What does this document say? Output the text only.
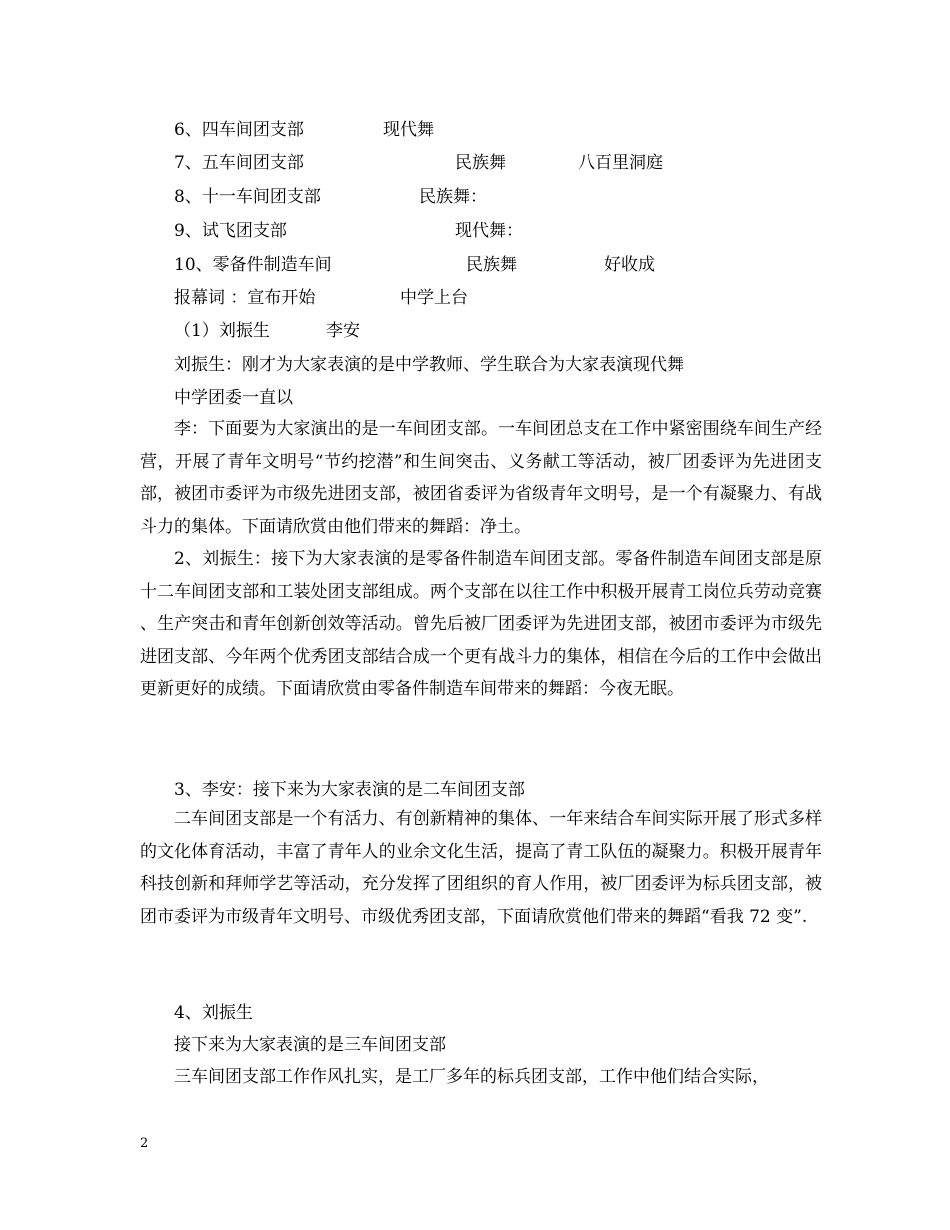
6、四车间团支部	现代舞
7、五车间团支部	民族舞	八百里洞庭
8、十一车间团支部	民族舞：
9、试飞团支部	现代舞：
10、零备件制造车间	民族舞	好收成
报幕词 ：宣布开始	中学上台
（1）刘振生	李安
刘振生：刚才为大家表演的是中学教师、学生联合为大家表演现代舞
中学团委一直以
李：下面要为大家演出的是一车间团支部。一车间团总支在工作中紧密围绕车间生产经营，开展了青年文明号“节约挖潜”和生间突击、义务献工等活动，被厂团委评为先进团支部，被团市委评为市级先进团支部，被团省委评为省级青年文明号，是一个有凝聚力、有战斗力的集体。下面请欣赏由他们带来的舞蹈：净土。
2、刘振生：接下为大家表演的是零备件制造车间团支部。零备件制造车间团支部是原十二车间团支部和工装处团支部组成。两个支部在以往工作中积极开展青工岗位兵劳动竞赛 、生产突击和青年创新创效等活动。曾先后被厂团委评为先进团支部，被团市委评为市级先进团支部、今年两个优秀团支部结合成一个更有战斗力的集体，相信在今后的工作中会做出更新更好的成绩。下面请欣赏由零备件制造车间带来的舞蹈：今夜无眠。
3、李安：接下来为大家表演的是二车间团支部
二车间团支部是一个有活力、有创新精神的集体、一年来结合车间实际开展了形式多样的文化体育活动，丰富了青年人的业余文化生活，提高了青工队伍的凝聚力。积极开展青年科技创新和拜师学艺等活动，充分发挥了团组织的育人作用，被厂团委评为标兵团支部，被团市委评为市级青年文明号、市级优秀团支部，下面请欣赏他们带来的舞蹈“看我 72 变”.
4、刘振生
接下来为大家表演的是三车间团支部
三车间团支部工作作风扎实，是工厂多年的标兵团支部，工作中他们结合实际，
2
